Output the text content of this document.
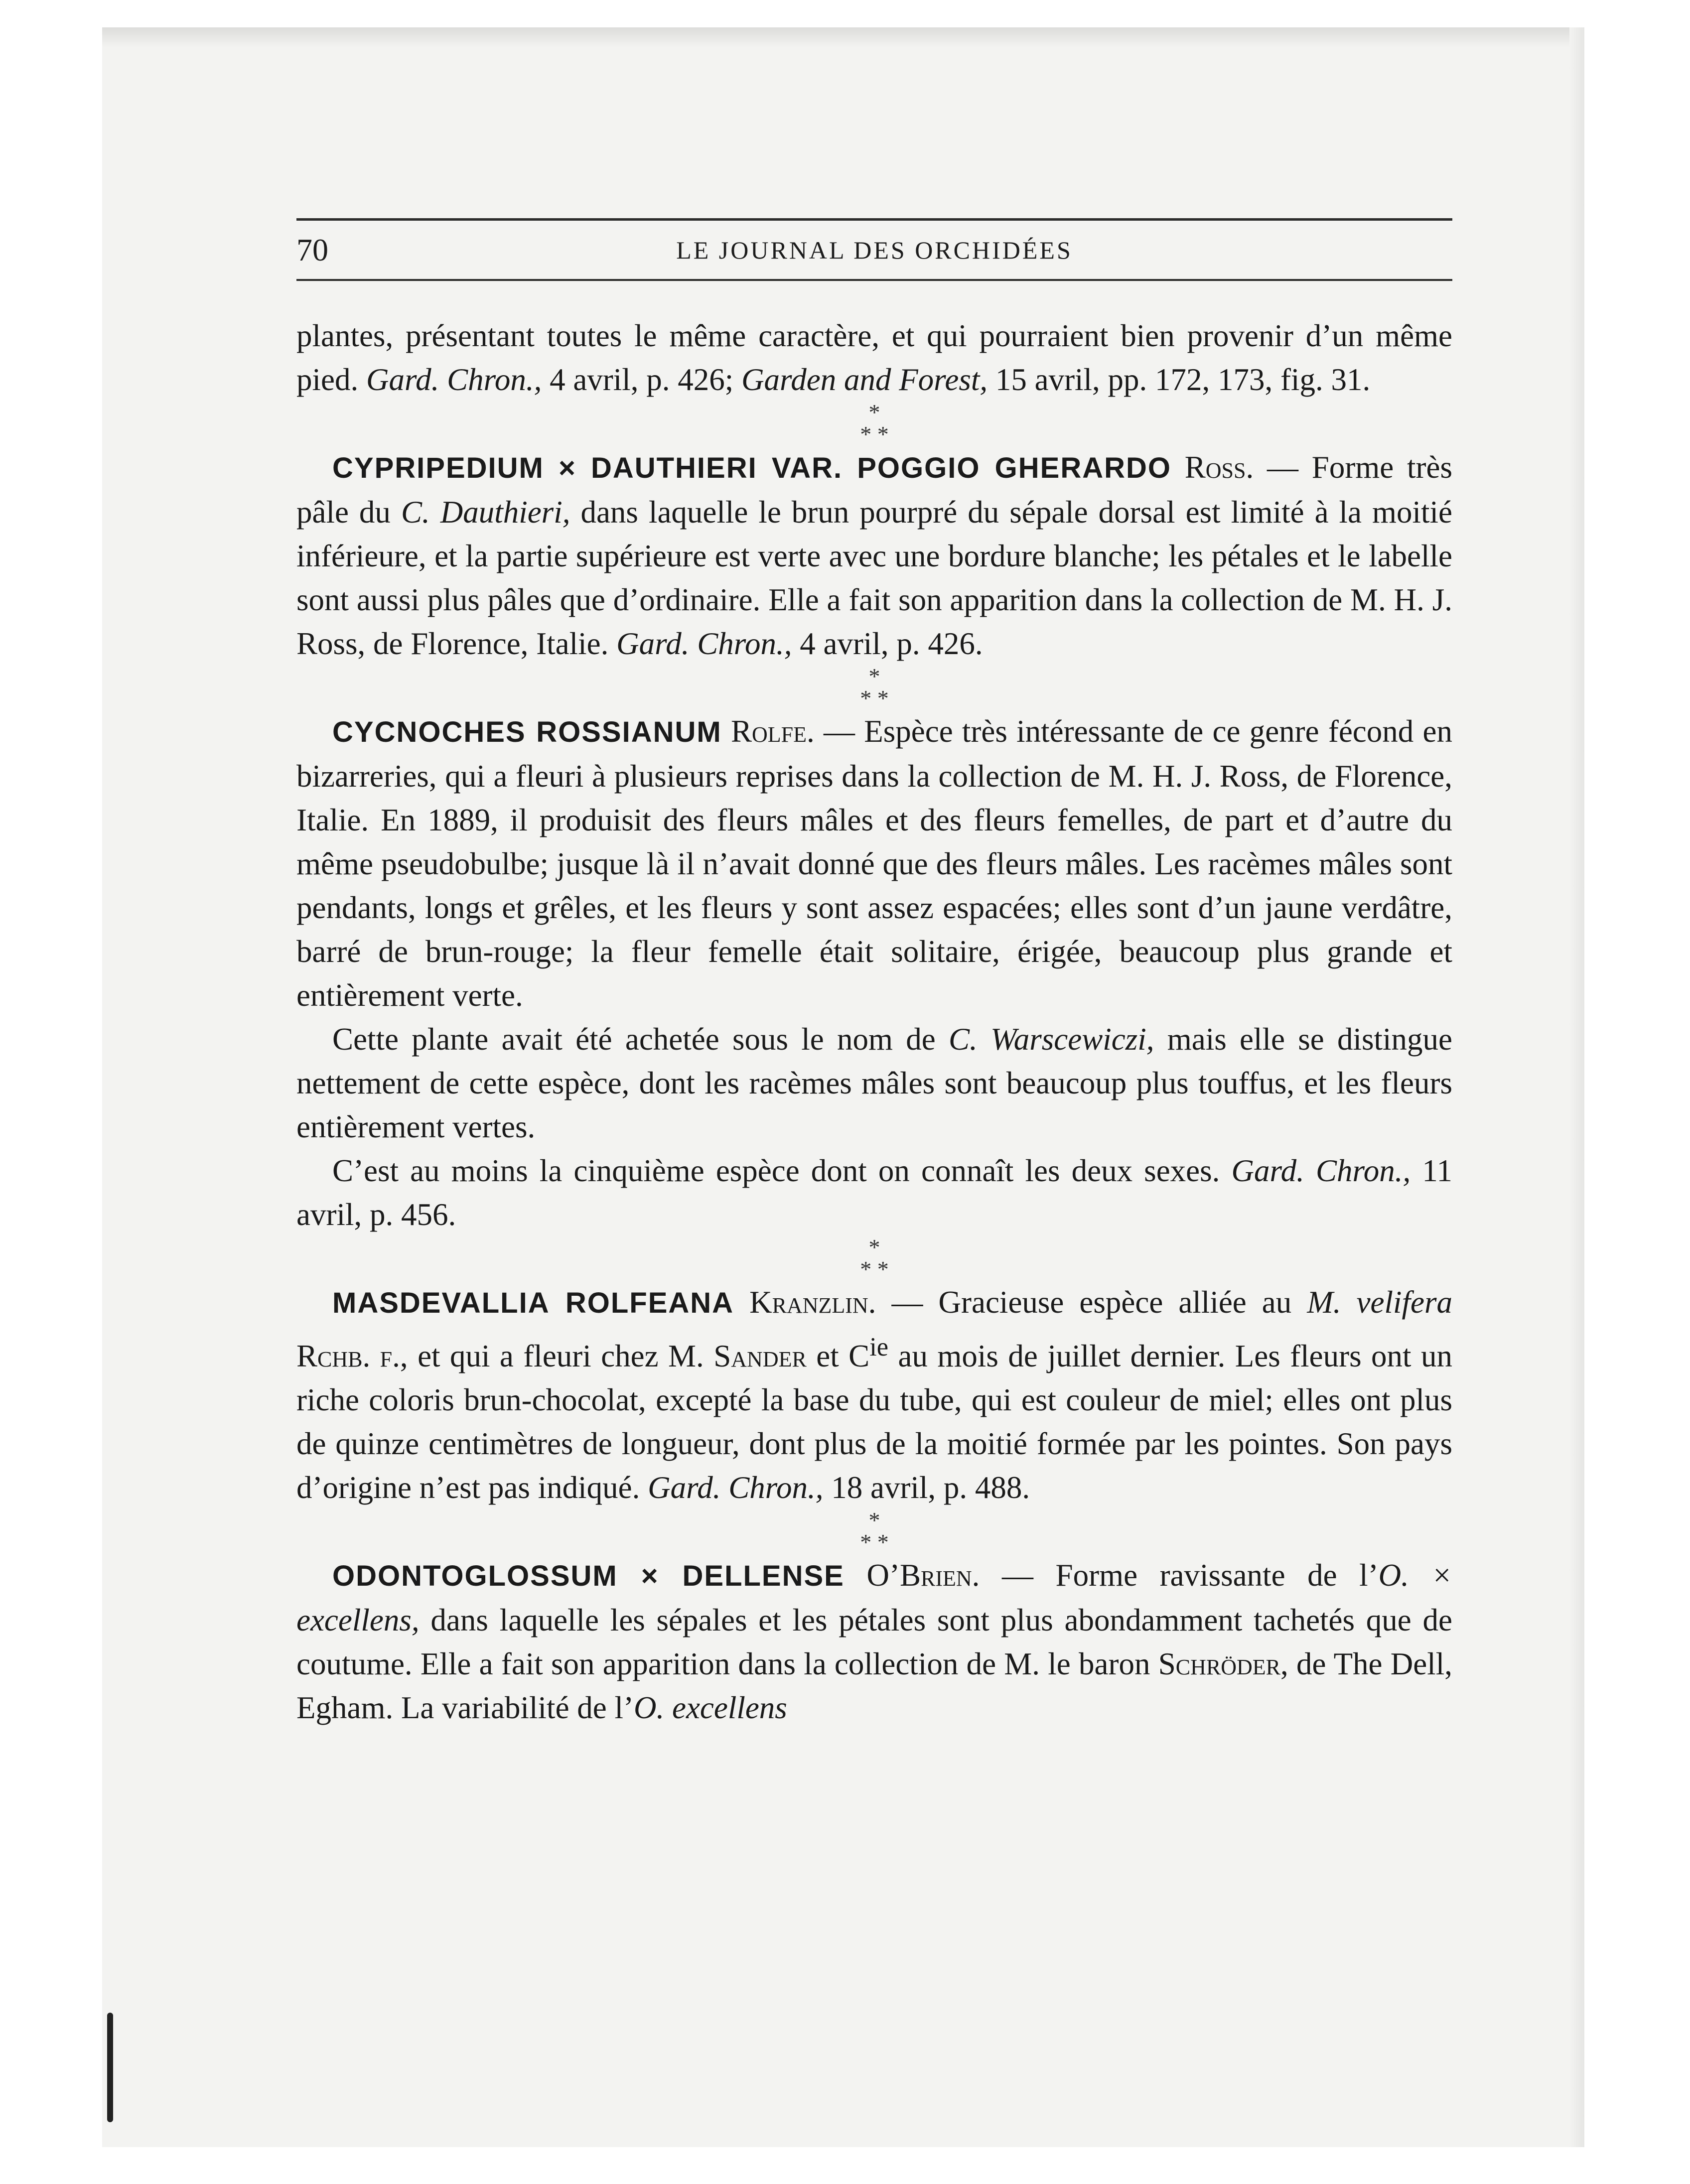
70	LE JOURNAL DES ORCHIDÉES

plantes, présentant toutes le même caractère, et qui pourraient bien provenir d’un même pied. Gard. Chron., 4 avril, p. 426; Garden and Forest, 15 avril, pp. 172, 173, fig. 31.

*
* *

CYPRIPEDIUM × DAUTHIERI VAR. POGGIO GHERARDO Ross. — Forme très pâle du C. Dauthieri, dans laquelle le brun pourpré du sépale dorsal est limité à la moitié inférieure, et la partie supérieure est verte avec une bordure blanche; les pétales et le labelle sont aussi plus pâles que d’ordinaire. Elle a fait son apparition dans la collection de M. H. J. Ross, de Florence, Italie. Gard. Chron., 4 avril, p. 426.

*
* *

CYCNOCHES ROSSIANUM Rolfe. — Espèce très intéressante de ce genre fécond en bizarreries, qui a fleuri à plusieurs reprises dans la collection de M. H. J. Ross, de Florence, Italie. En 1889, il produisit des fleurs mâles et des fleurs femelles, de part et d’autre du même pseudobulbe; jusque là il n’avait donné que des fleurs mâles. Les racèmes mâles sont pendants, longs et grêles, et les fleurs y sont assez espacées; elles sont d’un jaune verdâtre, barré de brun-rouge; la fleur femelle était solitaire, érigée, beaucoup plus grande et entièrement verte.

Cette plante avait été achetée sous le nom de C. Warscewiczi, mais elle se distingue nettement de cette espèce, dont les racèmes mâles sont beaucoup plus touffus, et les fleurs entièrement vertes.

C’est au moins la cinquième espèce dont on connaît les deux sexes. Gard. Chron., 11 avril, p. 456.

*
* *

MASDEVALLIA ROLFEANA Kranzlin. — Gracieuse espèce alliée au M. velifera Rchb. f., et qui a fleuri chez M. Sander et $C^{ie}$ au mois de juillet dernier. Les fleurs ont un riche coloris brun-chocolat, excepté la base du tube, qui est couleur de miel; elles ont plus de quinze centimètres de longueur, dont plus de la moitié formée par les pointes. Son pays d’origine n’est pas indiqué. Gard. Chron., 18 avril, p. 488.

*
* *

ODONTOGLOSSUM × DELLENSE O’Brien. — Forme ravissante de l’O. × excellens, dans laquelle les sépales et les pétales sont plus abondamment tachetés que de coutume. Elle a fait son apparition dans la collection de M. le baron Schröder, de The Dell, Egham. La variabilité de l’O. excellens
